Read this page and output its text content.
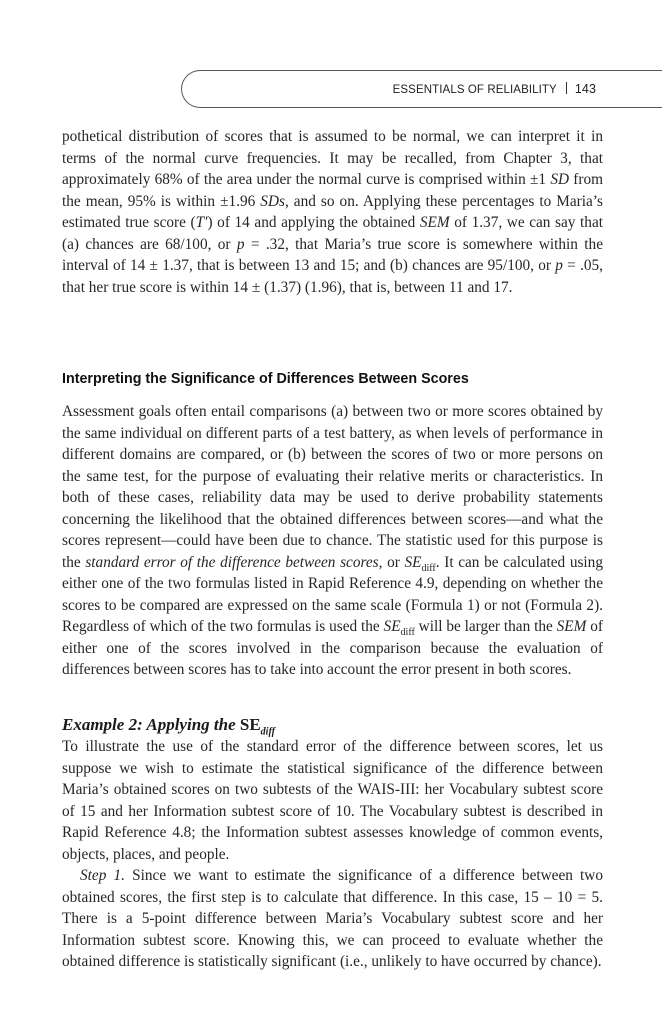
ESSENTIALS OF RELIABILITY 143

pothetical distribution of scores that is assumed to be normal, we can interpret it in terms of the normal curve frequencies. It may be recalled, from Chapter 3, that approximately 68% of the area under the normal curve is comprised within ±1 SD from the mean, 95% is within ±1.96 SDs, and so on. Applying these percentages to Maria’s estimated true score (T′) of 14 and applying the obtained SEM of 1.37, we can say that (a) chances are 68/100, or p = .32, that Maria’s true score is somewhere within the interval of 14 ± 1.37, that is between 13 and 15; and (b) chances are 95/100, or p = .05, that her true score is within 14 ± (1.37) (1.96), that is, between 11 and 17.

Interpreting the Significance of Differences Between Scores

Assessment goals often entail comparisons (a) between two or more scores obtained by the same individual on different parts of a test battery, as when levels of performance in different domains are compared, or (b) between the scores of two or more persons on the same test, for the purpose of evaluating their relative merits or characteristics. In both of these cases, reliability data may be used to derive probability statements concerning the likelihood that the obtained differences between scores—and what the scores represent—could have been due to chance. The statistic used for this purpose is the standard error of the difference between scores, or $SE_{diff}$. It can be calculated using either one of the two formulas listed in Rapid Reference 4.9, depending on whether the scores to be compared are expressed on the same scale (Formula 1) or not (Formula 2). Regardless of which of the two formulas is used the $SE_{diff}$ will be larger than the SEM of either one of the scores involved in the comparison because the evaluation of differences between scores has to take into account the error present in both scores.

Example 2: Applying the $SE_{diff}$

To illustrate the use of the standard error of the difference between scores, let us suppose we wish to estimate the statistical significance of the difference between Maria’s obtained scores on two subtests of the WAIS-III: her Vocabulary subtest score of 15 and her Information subtest score of 10. The Vocabulary subtest is described in Rapid Reference 4.8; the Information subtest assesses knowledge of common events, objects, places, and people.

Step 1. Since we want to estimate the significance of a difference between two obtained scores, the first step is to calculate that difference. In this case, 15 – 10 = 5. There is a 5-point difference between Maria’s Vocabulary subtest score and her Information subtest score. Knowing this, we can proceed to evaluate whether the obtained difference is statistically significant (i.e., unlikely to have occurred by chance).
